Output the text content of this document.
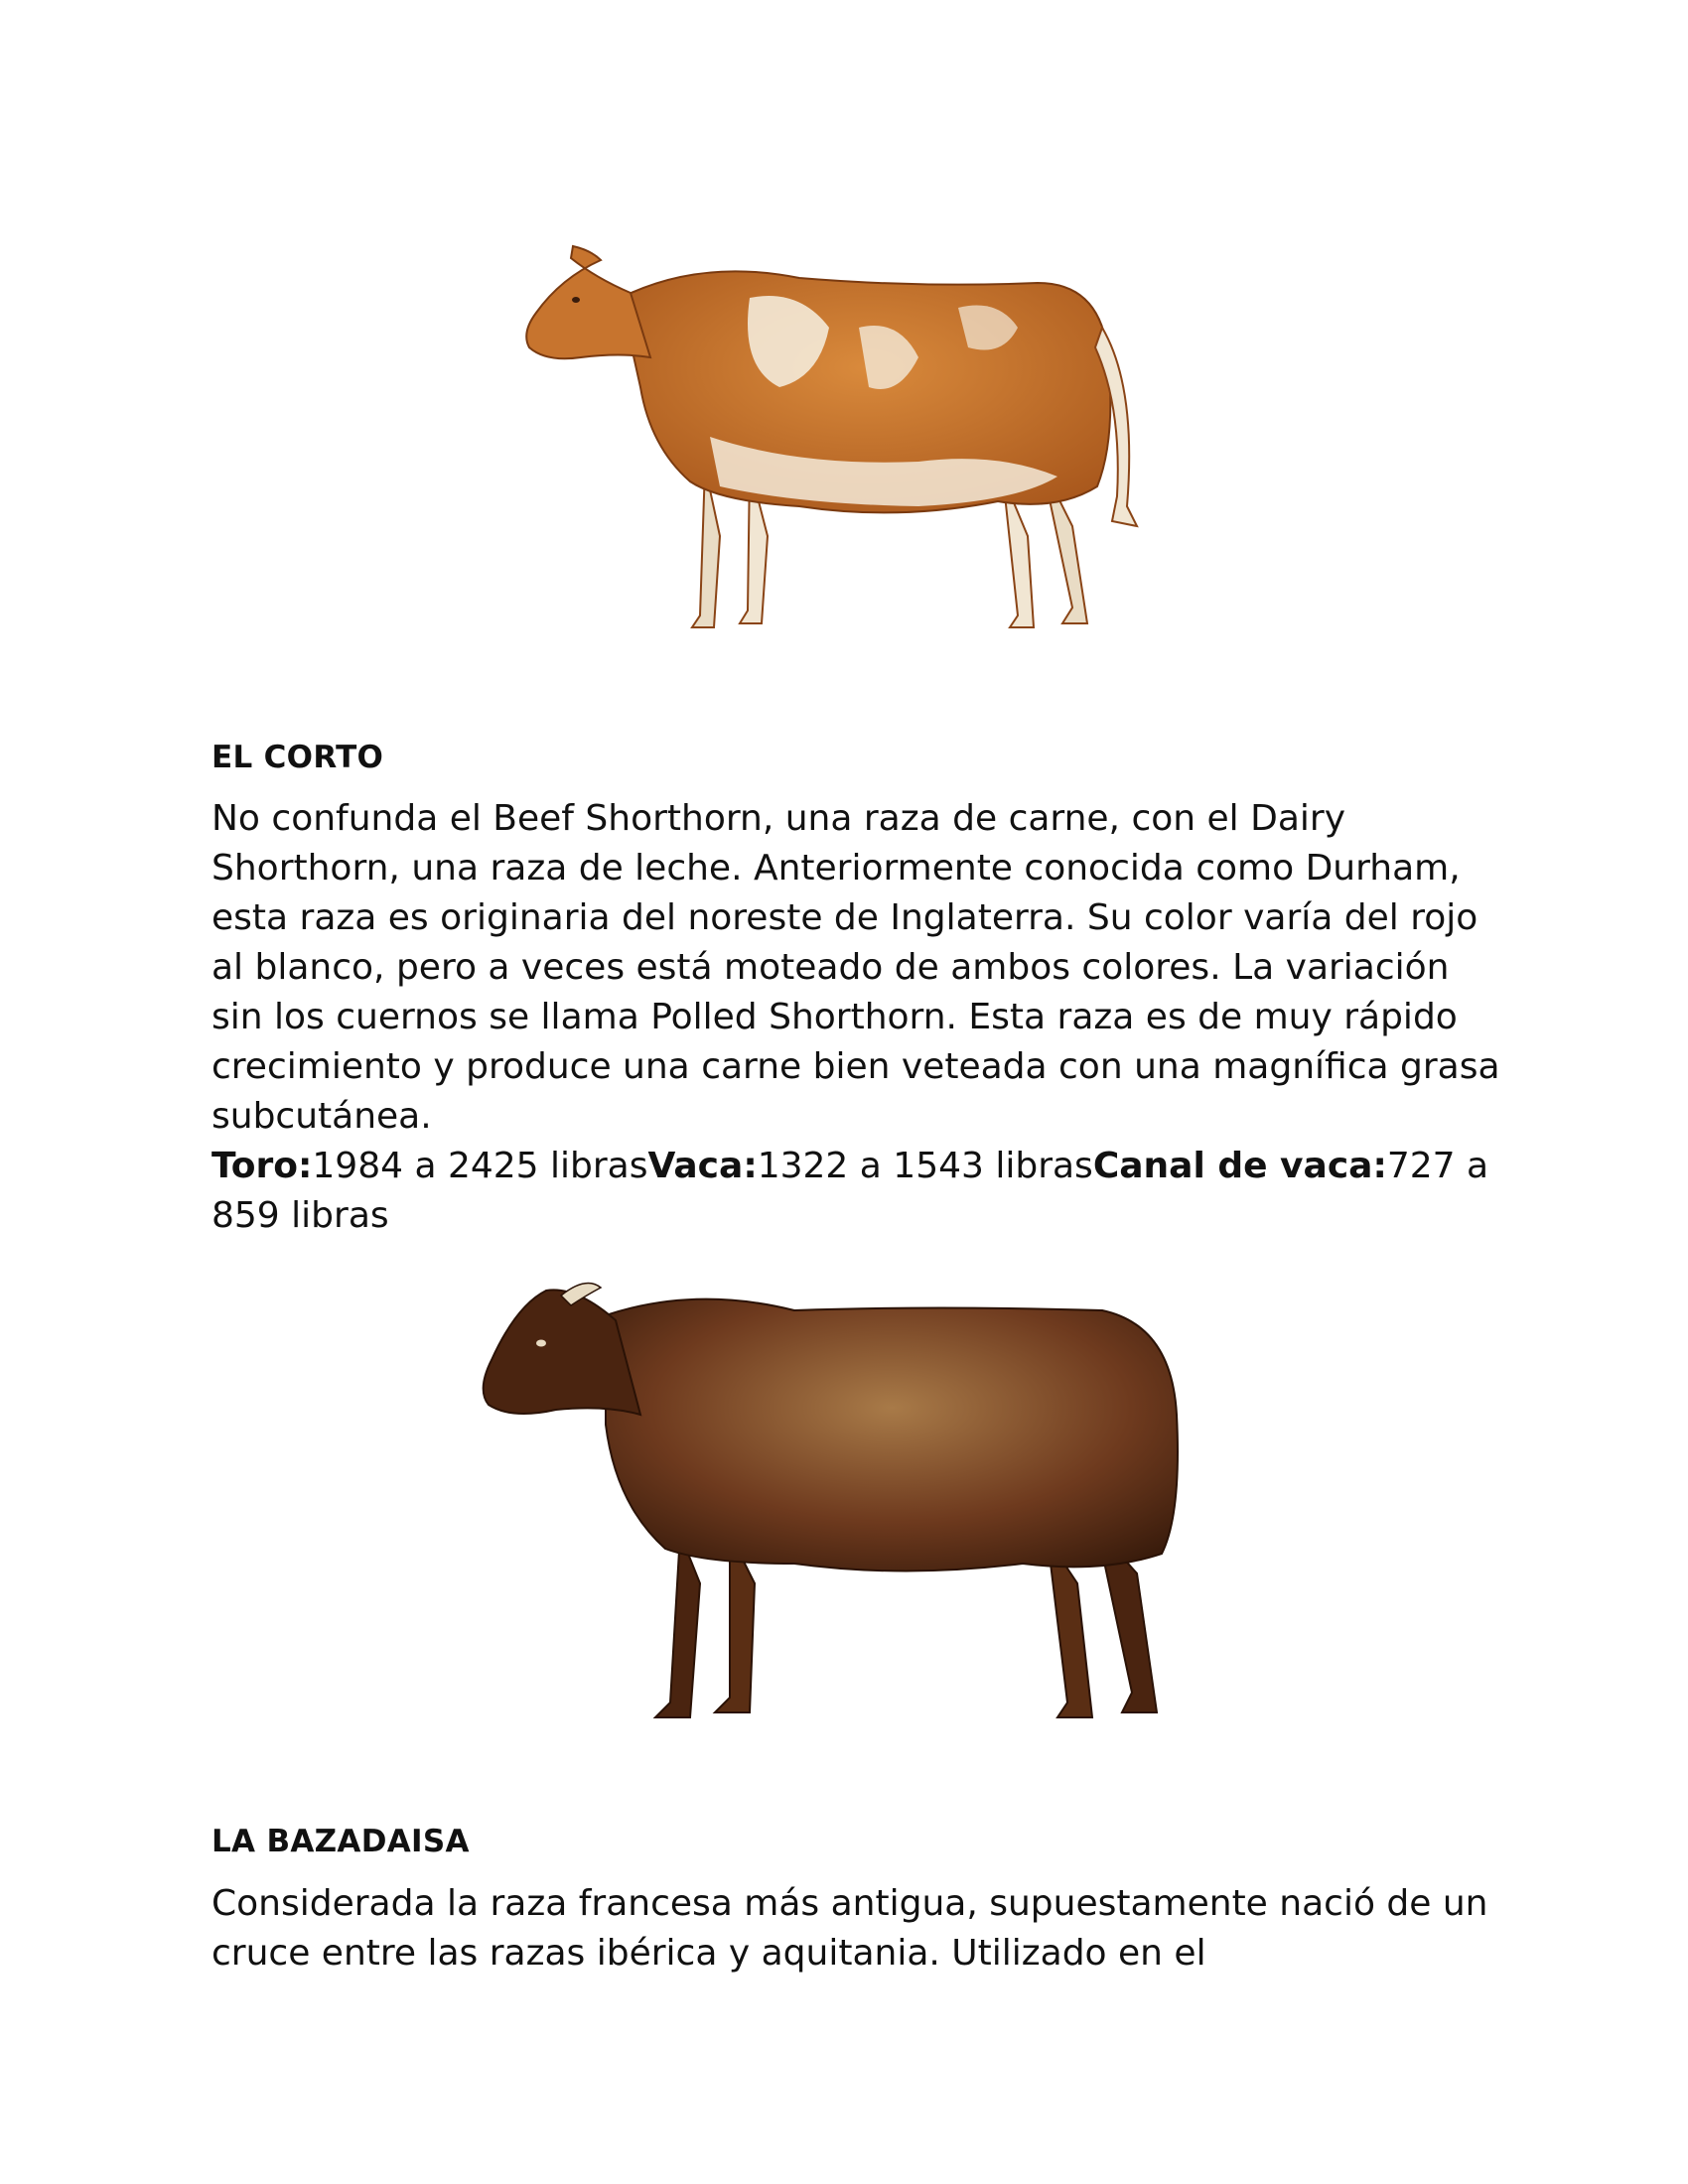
EL CORTO
No confunda el Beef Shorthorn, una raza de carne, con el Dairy Shorthorn, una raza de leche. Anteriormente conocida como Durham, esta raza es originaria del noreste de Inglaterra. Su color varía del rojo al blanco, pero a veces está moteado de ambos colores. La variación sin los cuernos se llama Polled Shorthorn. Esta raza es de muy rápido crecimiento y produce una carne bien veteada con una magnífica grasa subcutánea.
Toro:1984 a 2425 librasVaca:1322 a 1543 librasCanal de vaca:727 a 859 libras
LA BAZADAISA

Considerada la raza francesa más antigua, supuestamente nació de un cruce entre las razas ibérica y aquitania. Utilizado en el
